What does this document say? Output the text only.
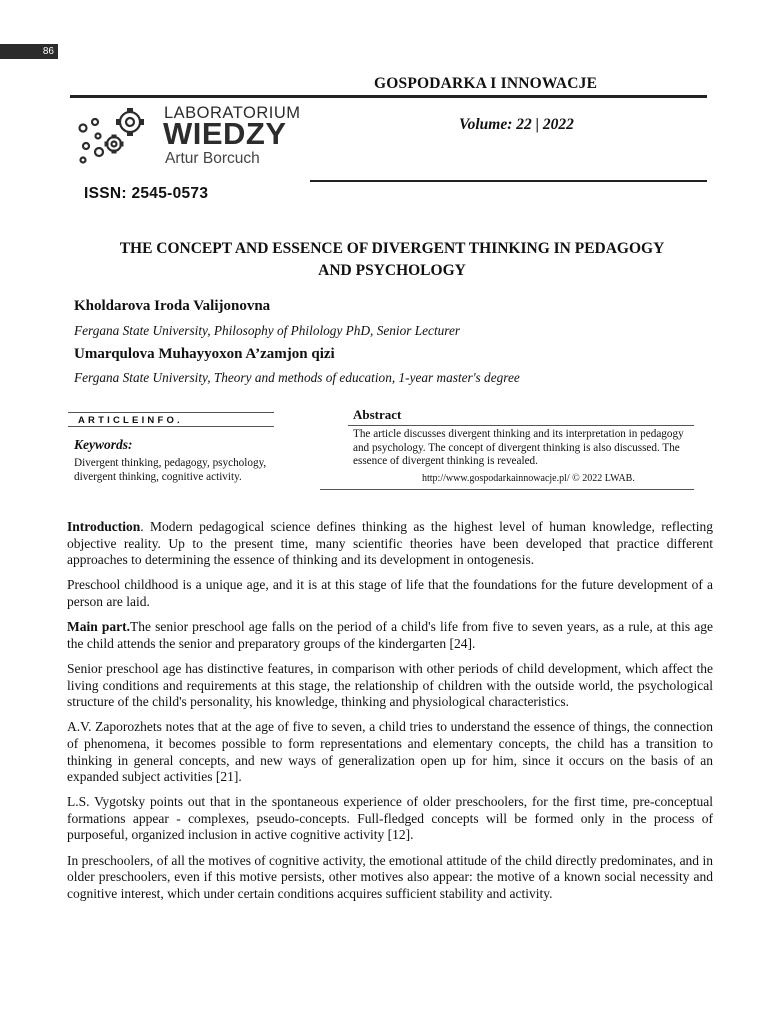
86
GOSPODARKA I INNOWACJE
LABORATORIUM
WIEDZY
Artur Borcuch
Volume: 22 | 2022
ISSN: 2545-0573
THE CONCEPT AND ESSENCE OF DIVERGENT THINKING IN PEDAGOGY
AND PSYCHOLOGY
Kholdarova Iroda Valijonovna
Fergana State University, Philosophy of Philology PhD, Senior Lecturer
Umarqulova Muhayyoxon A’zamjon qizi
Fergana State University, Theory and methods of education, 1-year master's degree
ARTICLEINFO.
Keywords:
Divergent thinking, pedagogy, psychology, divergent thinking, cognitive activity.
Abstract
The article discusses divergent thinking and its interpretation in pedagogy and psychology. The concept of divergent thinking is also discussed. The essence of divergent thinking is revealed.
http://www.gospodarkainnowacje.pl/ © 2022 LWAB.

Introduction. Modern pedagogical science defines thinking as the highest level of human knowledge, reflecting objective reality. Up to the present time, many scientific theories have been developed that practice different approaches to determining the essence of thinking and its development in ontogenesis.

Preschool childhood is a unique age, and it is at this stage of life that the foundations for the future development of a person are laid.

Main part.The senior preschool age falls on the period of a child's life from five to seven years, as a rule, at this age the child attends the senior and preparatory groups of the kindergarten [24].

Senior preschool age has distinctive features, in comparison with other periods of child development, which affect the living conditions and requirements at this stage, the relationship of children with the outside world, the psychological structure of the child's personality, his knowledge, thinking and physiological characteristics.

A.V. Zaporozhets notes that at the age of five to seven, a child tries to understand the essence of things, the connection of phenomena, it becomes possible to form representations and elementary concepts, the child has a transition to thinking in general concepts, and new ways of generalization open up for him, since it occurs on the basis of an expanded subject activities [21].

L.S. Vygotsky points out that in the spontaneous experience of older preschoolers, for the first time, pre-conceptual formations appear - complexes, pseudo-concepts. Full-fledged concepts will be formed only in the process of purposeful, organized inclusion in active cognitive activity [12].

In preschoolers, of all the motives of cognitive activity, the emotional attitude of the child directly predominates, and in older preschoolers, even if this motive persists, other motives also appear: the motive of a known social necessity and cognitive interest, which under certain conditions acquires sufficient stability and activity.
